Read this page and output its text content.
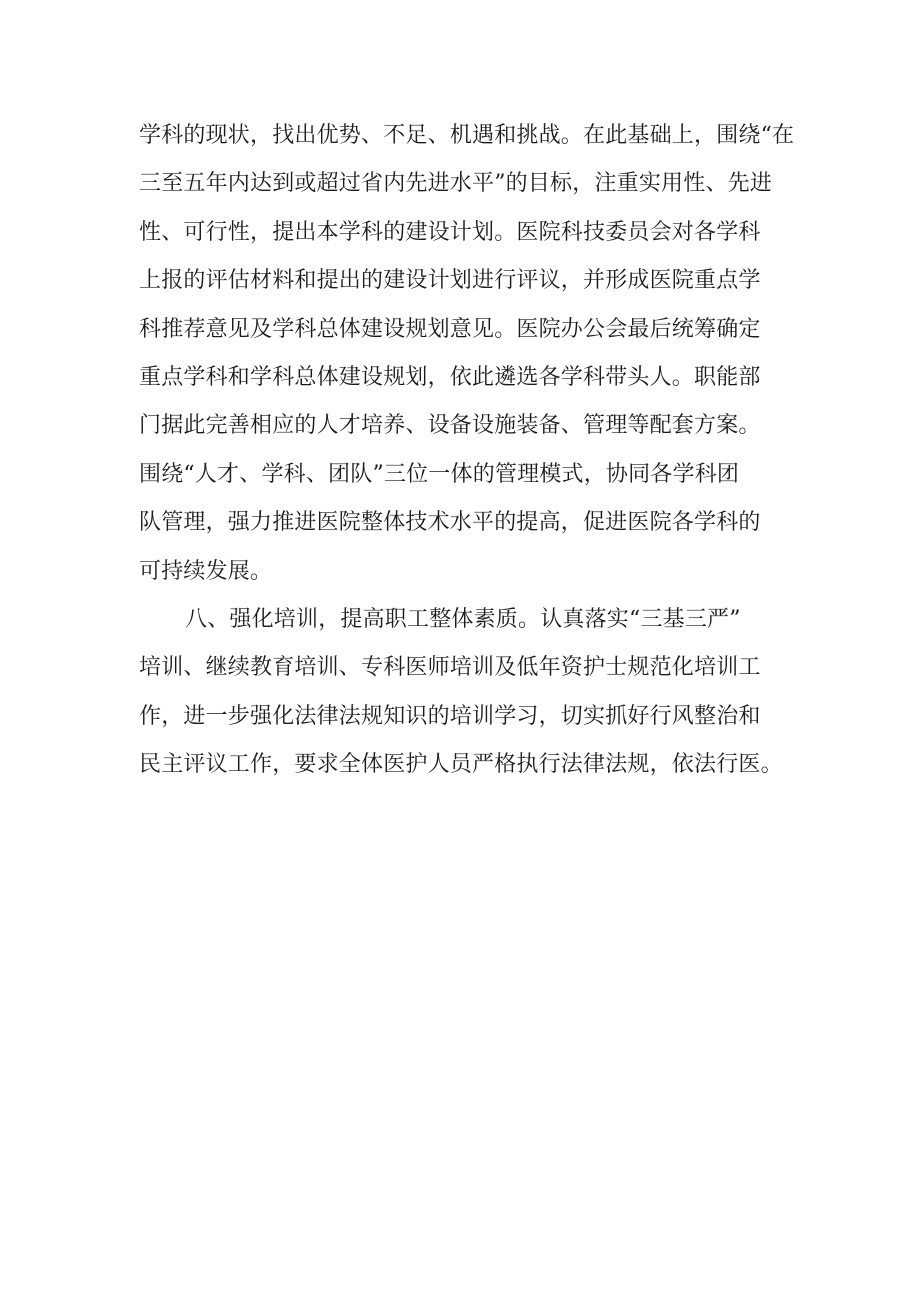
学科的现状，找出优势、不足、机遇和挑战。在此基础上，围绕“在
三至五年内达到或超过省内先进水平”的目标，注重实用性、先进
性、可行性，提出本学科的建设计划。医院科技委员会对各学科
上报的评估材料和提出的建设计划进行评议，并形成医院重点学
科推荐意见及学科总体建设规划意见。医院办公会最后统筹确定
重点学科和学科总体建设规划，依此遴选各学科带头人。职能部
门据此完善相应的人才培养、设备设施装备、管理等配套方案。
围绕“人才、学科、团队”三位一体的管理模式，协同各学科团
队管理，强力推进医院整体技术水平的提高，促进医院各学科的
可持续发展。
八、强化培训，提高职工整体素质。认真落实“三基三严”
培训、继续教育培训、专科医师培训及低年资护士规范化培训工
作，进一步强化法律法规知识的培训学习，切实抓好行风整治和
民主评议工作，要求全体医护人员严格执行法律法规，依法行医。
